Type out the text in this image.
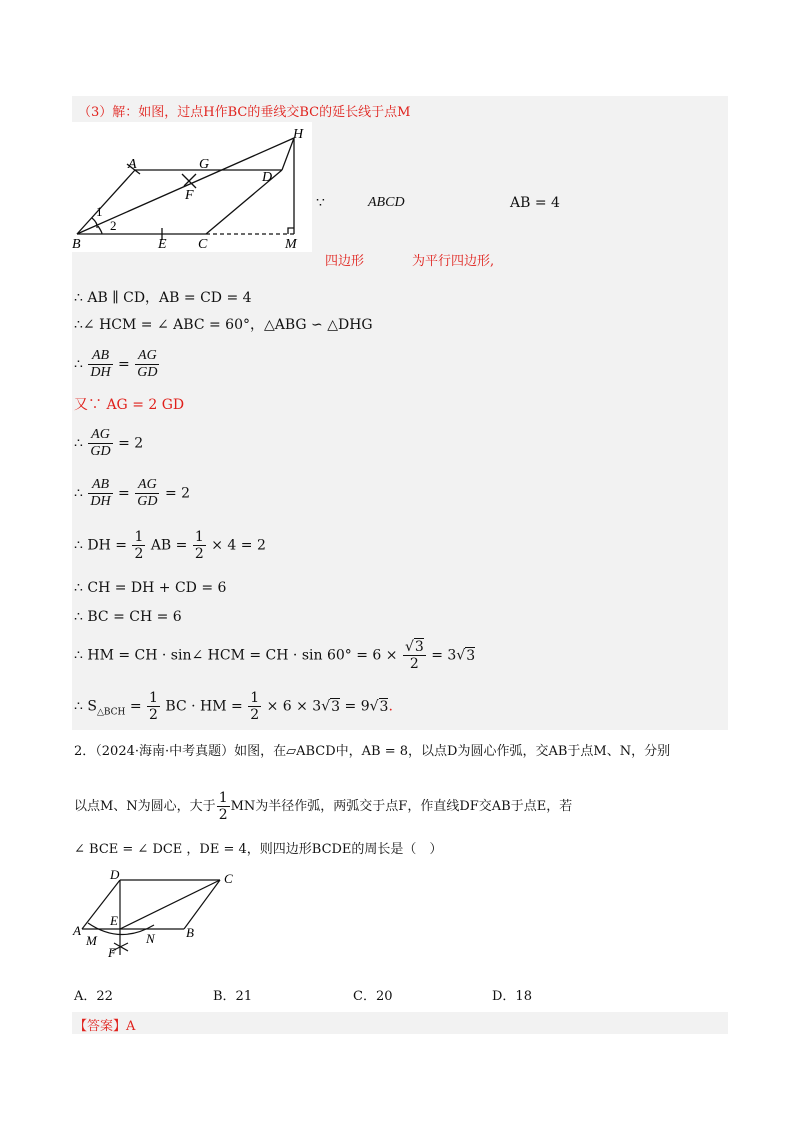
（3）解：如图，过点H作BC的垂线交BC的延长线于点M
A	G
H
F
D
1
2
B	E C	M
∵	ABCD	AB = 4
四边形	为平行四边形,
∴ AB ∥ CD，AB = CD = 4
∴∠ HCM = ∠ ABC = 60°，△ABG ∽ △DHG
∴ $\frac{AB}{DH} = \frac{AG}{GD}$
又∵ AG = 2 GD
∴ $\frac{AG}{GD} = 2$
∴ $\frac{AB}{DH} = \frac{AG}{GD} = 2$
∴ DH = $\frac{1}{2}$ AB = $\frac{1}{2} \times 4 = 2$
∴ CH = DH + CD = 6
∴ BC = CH = 6
∴ HM = CH · sin∠ HCM = CH · $\sin 60^\circ = 6 \times \frac{√3}{2} = 3√3$
∴ $S_{\triangle BCH} = \frac{1}{2}$ BC · HM = $\frac{1}{2} \times 6 \times 3√3 = 9√3$.
2．（2024·海南·中考真题）如图，在▱ABCD中，AB = 8，以点D为圆心作弧，交AB于点M、N，分别
以点M、N为圆心，大于 $\frac{1}{2}$ MN为半径作弧，两弧交于点F，作直线DF交AB于点E，若
∠ BCE = ∠ DCE ，DE = 4，则四边形BCDE的周长是（　）
D	C
E
A
M	N B
F
A．22	B．21	C．20	D．18
【答案】A
